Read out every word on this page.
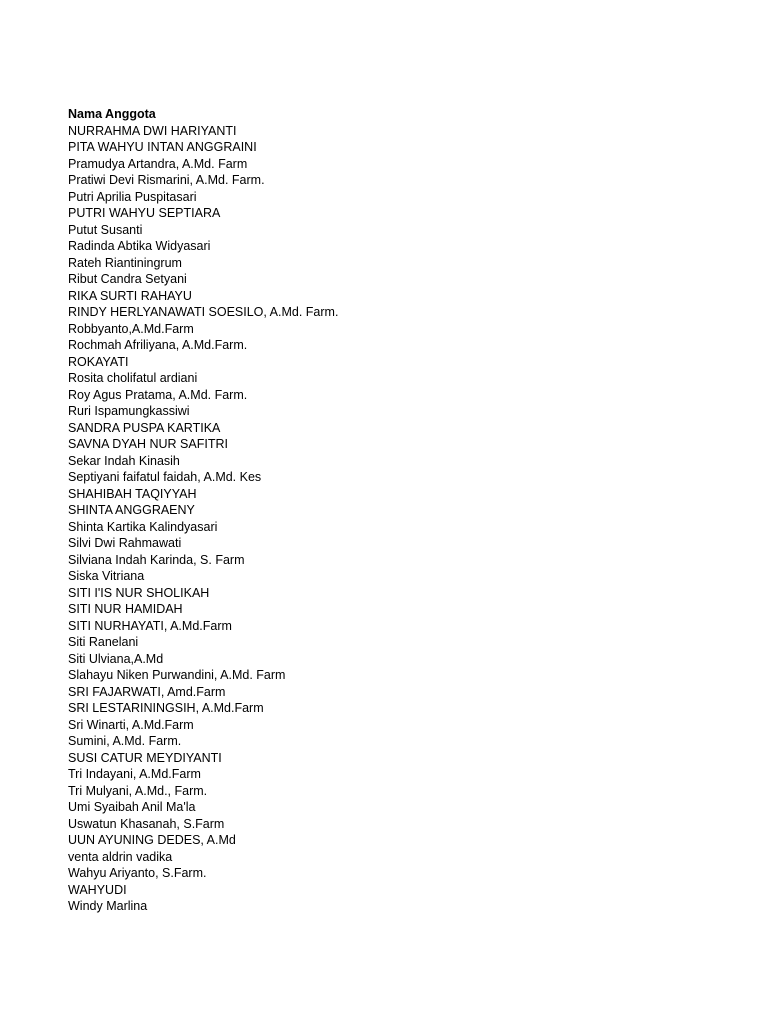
Nama Anggota
NURRAHMA DWI HARIYANTI
PITA WAHYU INTAN ANGGRAINI
Pramudya Artandra, A.Md. Farm
Pratiwi Devi Rismarini, A.Md. Farm.
Putri Aprilia Puspitasari
PUTRI WAHYU SEPTIARA
Putut Susanti
Radinda Abtika Widyasari
Rateh Riantiningrum
Ribut Candra Setyani
RIKA SURTI RAHAYU
RINDY HERLYANAWATI SOESILO, A.Md. Farm.
Robbyanto,A.Md.Farm
Rochmah Afriliyana, A.Md.Farm.
ROKAYATI
Rosita cholifatul ardiani
Roy Agus Pratama, A.Md. Farm.
Ruri Ispamungkassiwi
SANDRA PUSPA KARTIKA
SAVNA DYAH NUR SAFITRI
Sekar Indah Kinasih
Septiyani faifatul faidah, A.Md. Kes
SHAHIBAH TAQIYYAH
SHINTA ANGGRAENY
Shinta Kartika Kalindyasari
Silvi Dwi Rahmawati
Silviana Indah Karinda, S. Farm
Siska Vitriana
SITI I'IS NUR SHOLIKAH
SITI NUR HAMIDAH
SITI NURHAYATI, A.Md.Farm
Siti Ranelani
Siti Ulviana,A.Md
Slahayu Niken Purwandini, A.Md. Farm
SRI FAJARWATI, Amd.Farm
SRI LESTARININGSIH, A.Md.Farm
Sri Winarti, A.Md.Farm
Sumini, A.Md. Farm.
SUSI CATUR MEYDIYANTI
Tri Indayani, A.Md.Farm
Tri Mulyani, A.Md., Farm.
Umi Syaibah Anil Ma'la
Uswatun Khasanah, S.Farm
UUN AYUNING DEDES, A.Md
venta aldrin vadika
Wahyu Ariyanto, S.Farm.
WAHYUDI
Windy Marlina
